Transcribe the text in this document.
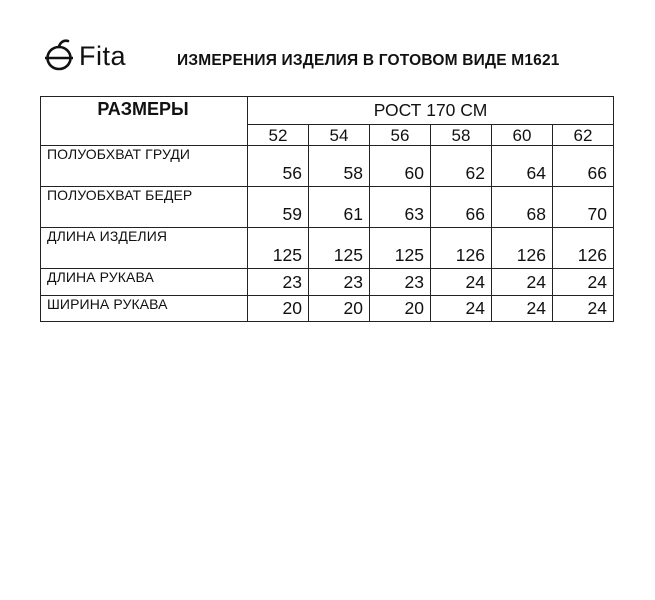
Fita	ИЗМЕРЕНИЯ ИЗДЕЛИЯ В ГОТОВОМ ВИДЕ М1621
РАЗМЕРЫ	РОСТ 170 СМ					
	52	54	56	58	60	62
ПОЛУОБХВАТ ГРУДИ	56	58	60	62	64	66
ПОЛУОБХВАТ БЕДЕР	59	61	63	66	68	70
ДЛИНА ИЗДЕЛИЯ	125	125	125	126	126	126
ДЛИНА РУКАВА	23	23	23	24	24	24
ШИРИНА РУКАВА	20	20	20	24	24	24
